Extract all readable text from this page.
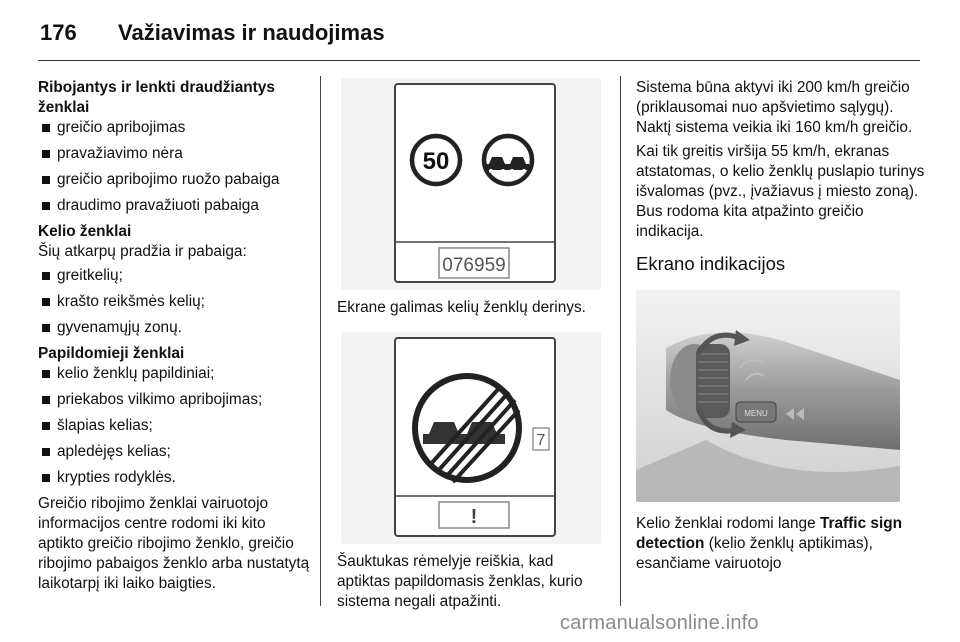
176 Važiavimas ir naudojimas

Ribojantys ir lenkti draudžiantys ženklai

greičio apribojimas
pravažiavimo nėra
greičio apribojimo ruožo pabaiga
draudimo pravažiuoti pabaiga

Kelio ženklai

Šių atkarpų pradžia ir pabaiga:

greitkelių;
krašto reikšmės kelių;
gyvenamųjų zonų.

Papildomieji ženklai

kelio ženklų papildiniai;
priekabos vilkimo apribojimas;
šlapias kelias;
apledėjęs kelias;
krypties rodyklės.

Greičio ribojimo ženklai vairuotojo informacijos centre rodomi iki kito aptikto greičio ribojimo ženklo, greičio ribojimo pabaigos ženklo arba nustatytą laikotarpį iki laiko baigties.

50
076959

Ekrane galimas kelių ženklų derinys.

7
!

Šauktukas rėmelyje reiškia, kad aptiktas papildomasis ženklas, kurio sistema negali atpažinti.

Sistema būna aktyvi iki 200 km/h greičio (priklausomai nuo apšvietimo sąlygų). Naktį sistema veikia iki 160 km/h greičio.

Kai tik greitis viršija 55 km/h, ekranas atstatomas, o kelio ženklų puslapio turinys išvalomas (pvz., įvažiavus į miesto zoną). Bus rodoma kita atpažinto greičio indikacija.

Ekrano indikacijos

MENU

Kelio ženklai rodomi lange Traffic sign detection (kelio ženklų aptikimas), esančiame vairuotojo

carmanualsonline.info
